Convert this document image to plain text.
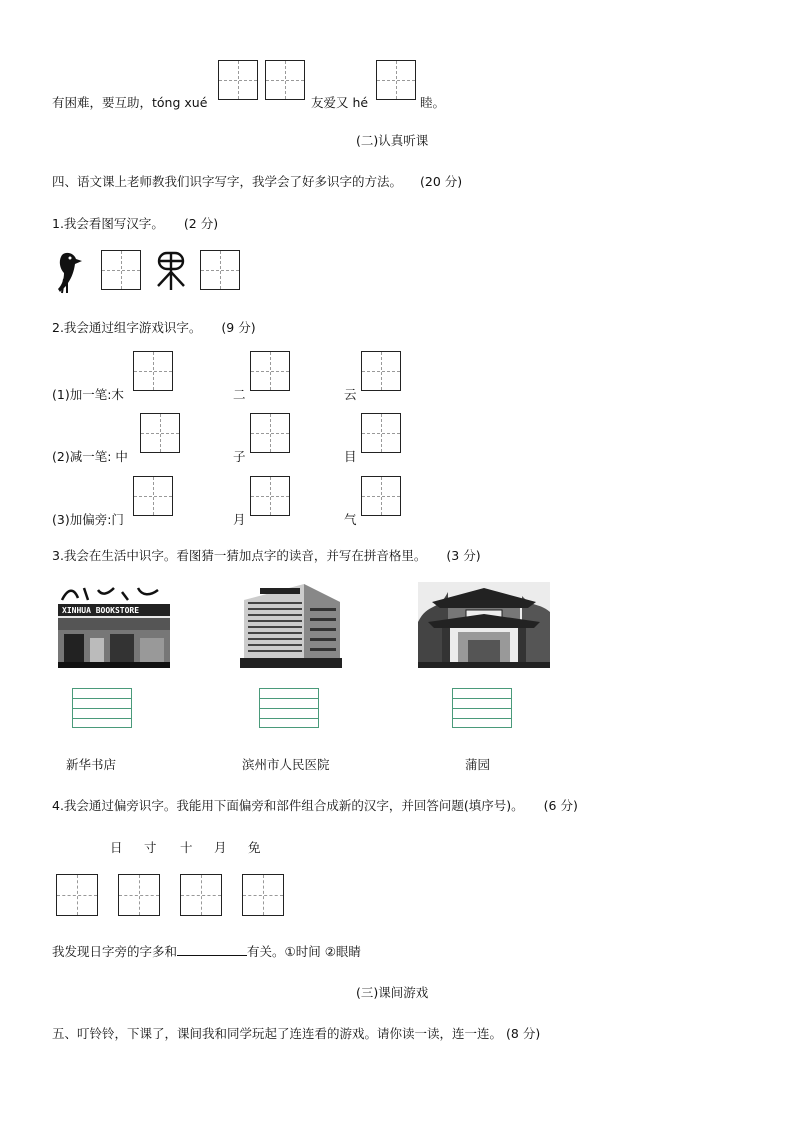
有困难，要互助，tóng xué	友爱又 hé	睦。
(二)认真听课
四、语文课上老师教我们识字写字，我学会了好多识字的方法。 (20 分)
1.我会看图写汉字。 (2 分)
2.我会通过组字游戏识字。 (9 分)
(1)加一笔:木	二	云
(2)减一笔: 中	子	目
(3)加偏旁:门	月	气
3.我会在生活中识字。看图猜一猜加点字的读音，并写在拼音格里。 (3 分)
XINHUA BOOKSTORE
新华书店	滨州市人民医院	蒲园
4.我会通过偏旁识字。我能用下面偏旁和部件组合成新的汉字，并回答问题(填序号)。 (6 分)
日 寸 十 月 免
我发现日字旁的字多和	有关。①时间 ②眼睛
(三)课间游戏
五、叮铃铃，下课了，课间我和同学玩起了连连看的游戏。请你读一读，连一连。 (8 分)
